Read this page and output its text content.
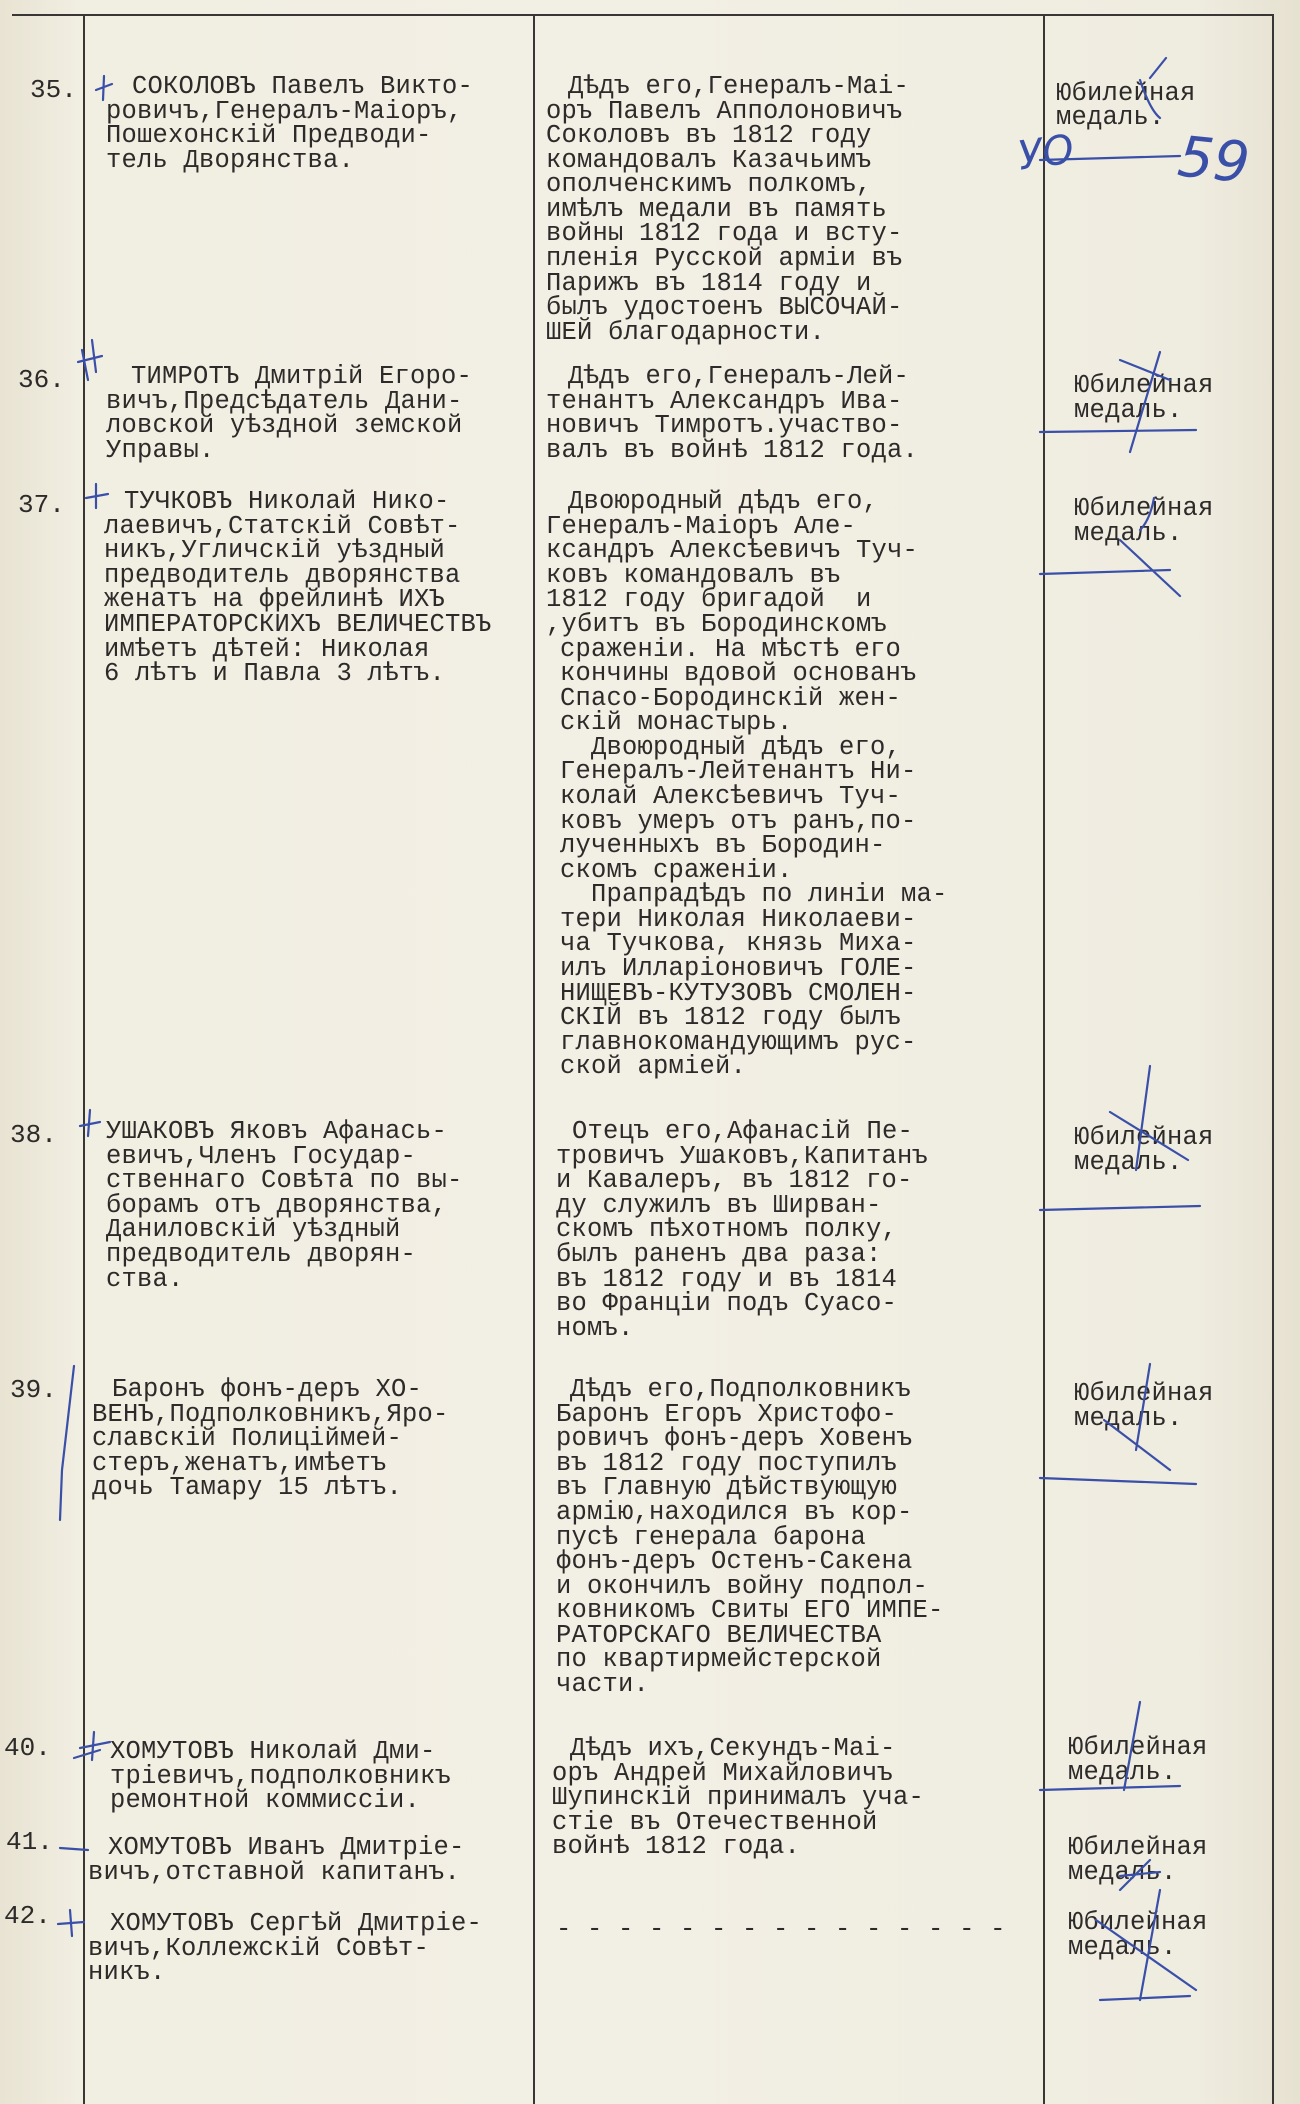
35. СОКОЛОВЪ Павелъ Викто-
ровичъ,Генералъ-Маiоръ,
Пошехонскiй Предводи-
тель Дворянства.
Дѣдъ его,Генералъ-Маi-
оръ Павелъ Апполоновичъ
Соколовъ въ 1812 году
командовалъ Казачьимъ
ополченскимъ полкомъ,
имѣлъ медали въ память
войны 1812 года и всту-
пленiя Русской армiи въ
Парижъ въ 1814 году и
былъ удостоенъ ВЫСОЧАЙ-
ШЕЙ благодарности.
Юбилейная
медаль.
36. ТИМРОТЪ Дмитрiй Егоро-
вичъ,Предсѣдатель Дани-
ловской уѣздной земской
Управы.
Дѣдъ его,Генералъ-Лей-
тенантъ Александръ Ива-
новичъ Тимротъ.участво-
валъ въ войнѣ 1812 года.
Юбилейная
медаль.
37. ТУЧКОВЪ Николай Нико-
лаевичъ,Статскiй Совѣт-
никъ,Угличскiй уѣздный
предводитель дворянства
женатъ на фрейлинѣ ИХЪ
ИМПЕРАТОРСКИХЪ ВЕЛИЧЕСТВЪ
имѣетъ дѣтей: Николая
6 лѣтъ и Павла 3 лѣтъ.
Двоюродный дѣдъ его,
Генералъ-Маiоръ Але-
ксандръ Алексѣевичъ Туч-
ковъ командовалъ въ
1812 году бригадой  и
,убитъ въ Бородинскомъ
сраженiи. На мѣстѣ его
кончины вдовой основанъ
Спасо-Бородинскiй жен-
скiй монастырь.
Двоюродный дѣдъ его,
Генералъ-Лейтенантъ Ни-
колай Алексѣевичъ Туч-
ковъ умеръ отъ ранъ,по-
лученныхъ въ Бородин-
скомъ сраженiи.
Прапрадѣдъ по линiи ма-
тери Николая Николаеви-
ча Тучкова, князь Миха-
илъ Илларiоновичъ ГОЛЕ-
НИЩЕВЪ-КУТУЗОВЪ СМОЛЕН-
СКIЙ въ 1812 году былъ
главнокомандующимъ рус-
ской армiей.
Юбилейная
медаль.
38. УШАКОВЪ Яковъ Афанась-
евичъ,Членъ Государ-
ственнаго Совѣта по вы-
борамъ отъ дворянства,
Даниловскiй уѣздный
предводитель дворян-
ства.
Отецъ его,Афанасiй Пе-
тровичъ Ушаковъ,Капитанъ
и Кавалеръ, въ 1812 го-
ду служилъ въ Ширван-
скомъ пѣхотномъ полку,
былъ раненъ два раза:
въ 1812 году и въ 1814
во Францiи подъ Суасо-
номъ.
Юбилейная
медаль.
39. Баронъ фонъ-деръ ХО-
ВЕНЪ,Подполковникъ,Яро-
славскiй Полицiймей-
стеръ,женатъ,имѣетъ
дочь Тамару 15 лѣтъ.
Дѣдъ его,Подполковникъ
Баронъ Егоръ Христофо-
ровичъ фонъ-деръ Ховенъ
въ 1812 году поступилъ
въ Главную дѣйствующую
армiю,находился въ кор-
пусѣ генерала барона
фонъ-деръ Остенъ-Сакена
и окончилъ войну подпол-
ковникомъ Свиты ЕГО ИМПЕ-
РАТОРСКАГО ВЕЛИЧЕСТВА
по квартирмейстерской
части.
Юбилейная
медаль.
40. ХОМУТОВЪ Николай Дми-
трiевичъ,подполковникъ
ремонтной коммиссiи.
Дѣдъ ихъ,Секундъ-Маi-
оръ Андрей Михайловичъ
Шупинскiй принималъ уча-
стiе въ Отечественной
войнѣ 1812 года.
Юбилейная
медаль.
41. ХОМУТОВЪ Иванъ Дмитрiе-
вичъ,отставной капитанъ.
Юбилейная
медаль.
42. ХОМУТОВЪ Сергѣй Дмитрiе-
вичъ,Коллежскiй Совѣт-
никъ.
- - - - - - - - - - - - - - - Юбилейная
медаль.
59
УО
